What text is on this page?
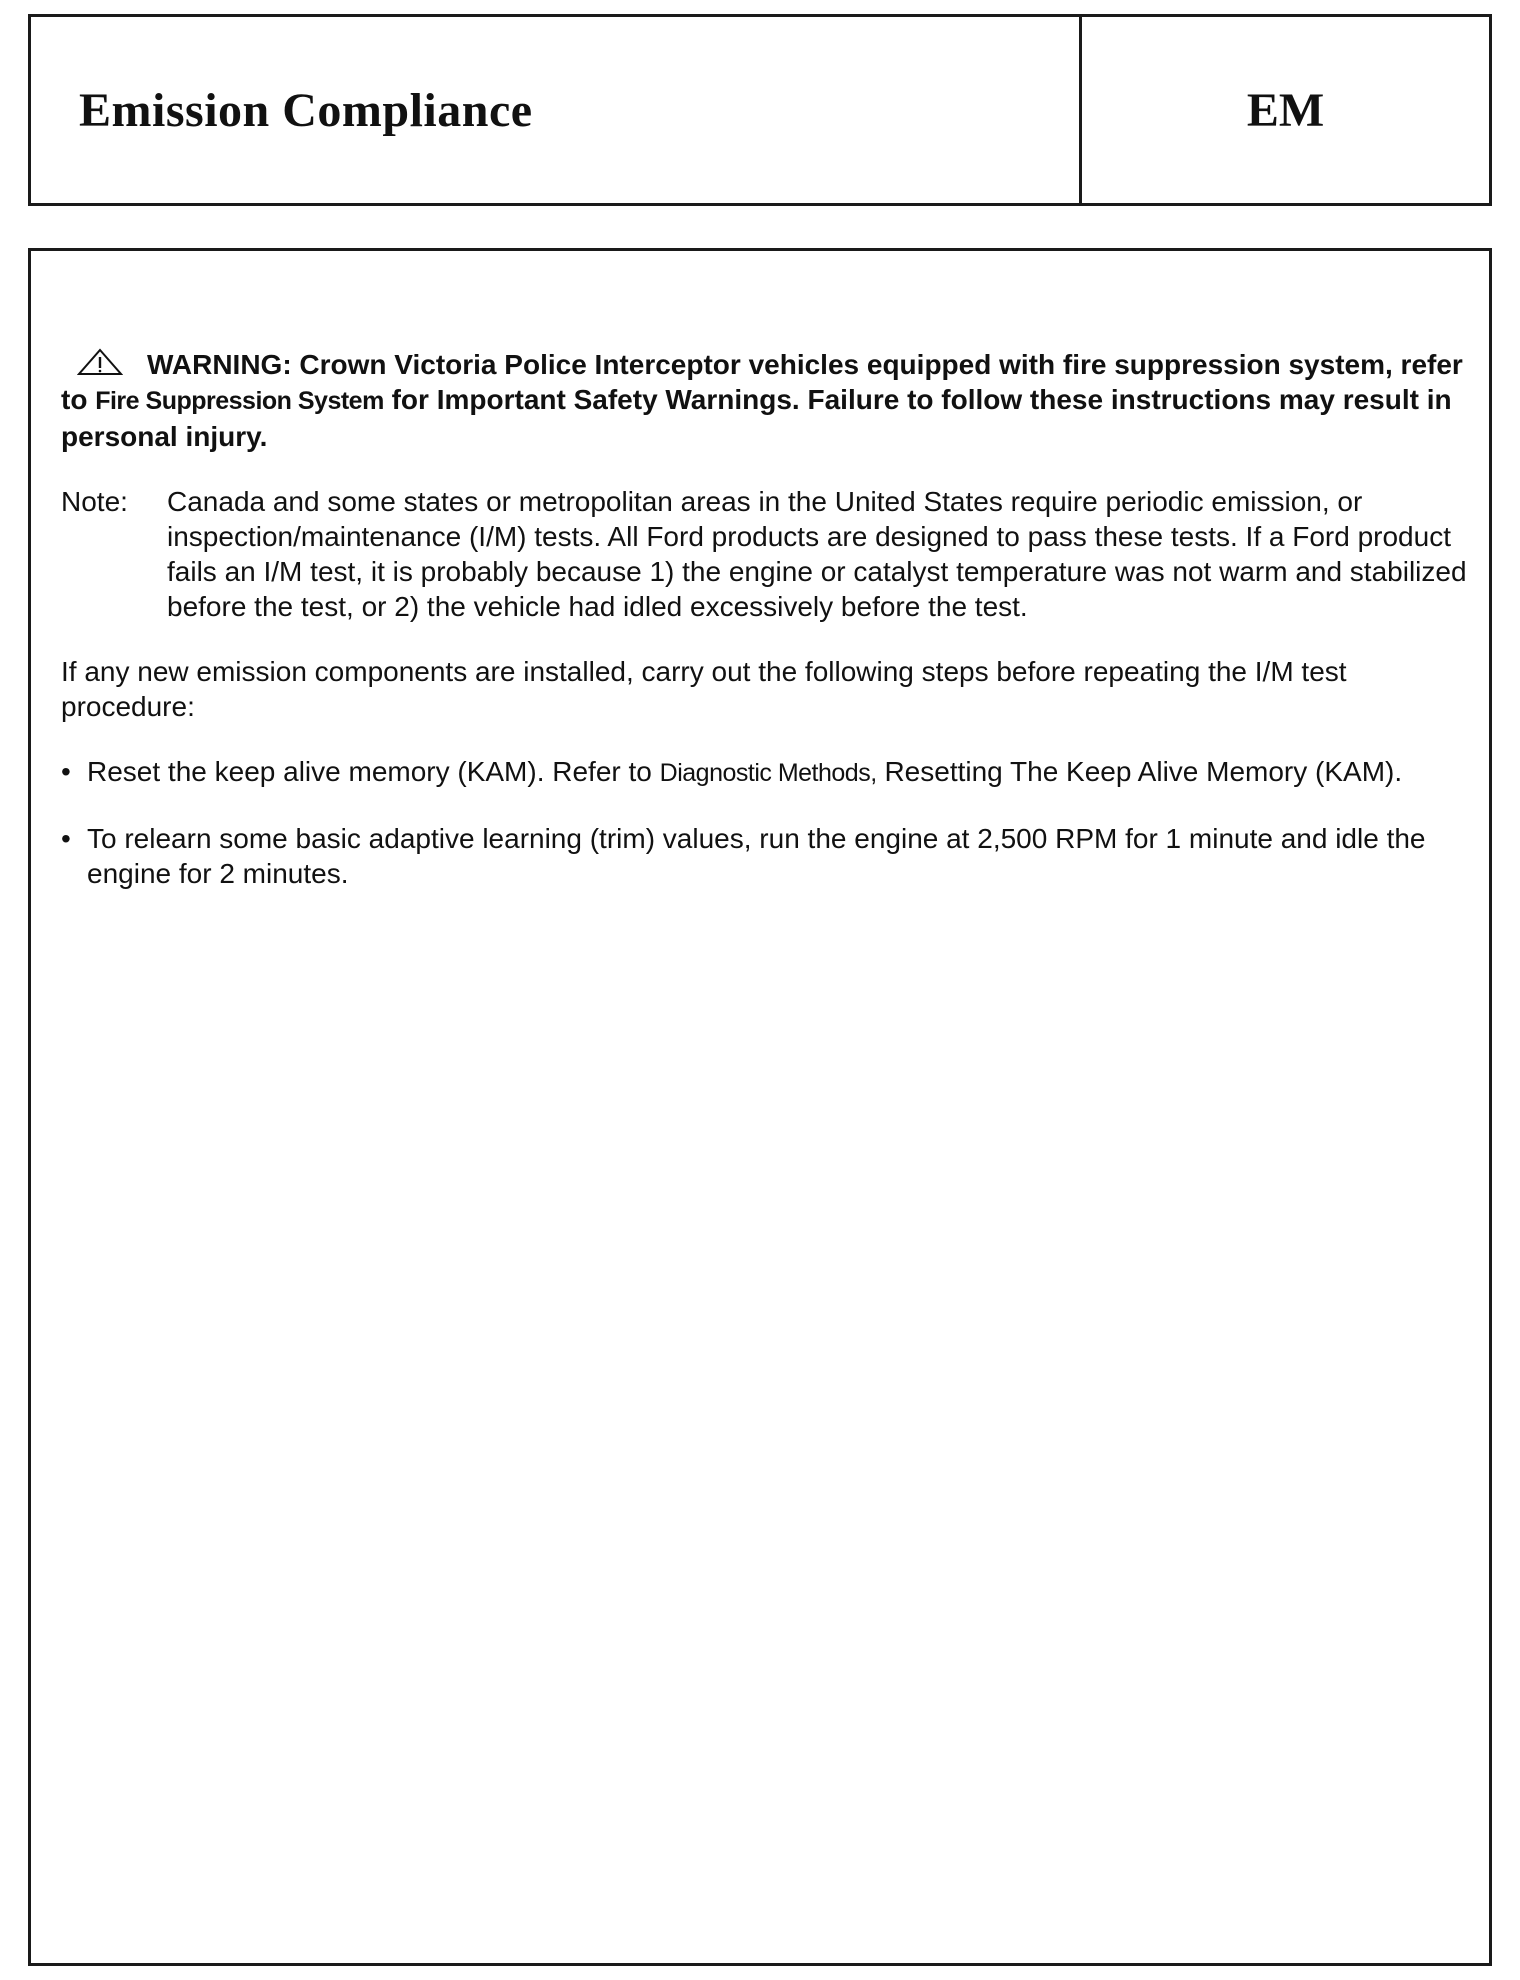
Emission Compliance	EM

WARNING: Crown Victoria Police Interceptor vehicles equipped with fire suppression system, refer to Fire Suppression System for Important Safety Warnings. Failure to follow these instructions may result in personal injury.

Note:	Canada and some states or metropolitan areas in the United States require periodic emission, or inspection/maintenance (I/M) tests. All Ford products are designed to pass these tests. If a Ford product fails an I/M test, it is probably because 1) the engine or catalyst temperature was not warm and stabilized before the test, or 2) the vehicle had idled excessively before the test.

If any new emission components are installed, carry out the following steps before repeating the I/M test procedure:

• Reset the keep alive memory (KAM). Refer to Diagnostic Methods, Resetting The Keep Alive Memory (KAM).
• To relearn some basic adaptive learning (trim) values, run the engine at 2,500 RPM for 1 minute and idle the engine for 2 minutes.
